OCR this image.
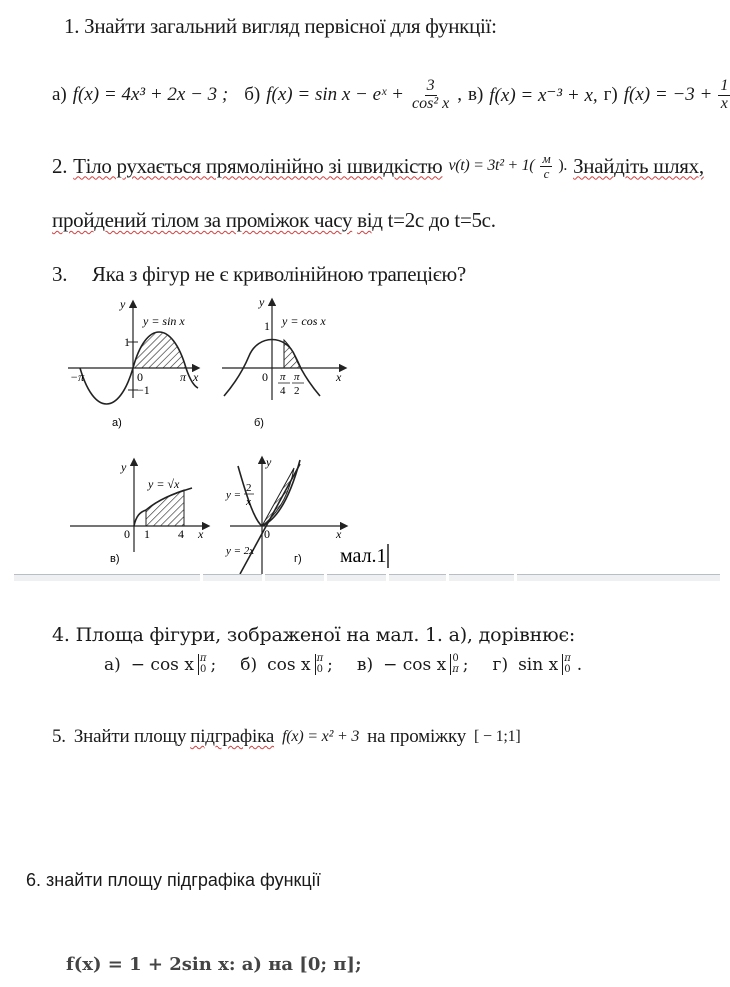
1. Знайти загальний вигляд первісної для функції:
а) f(x) = 4x³ + 2x − 3 ; б) f(x) = sin x − eˣ + $\frac{3}{\text{cos² x}}$ , в) f(x) = x⁻³ + x, г) $f(x) = -3 + \frac{1}{x}$
2. Тіло рухається прямолінійно зі швидкістю $v(t) = 3t^2 + 1( \frac{м}{с}$ ). Знайдіть шлях,
пройдений тілом за проміжок часу від t=2c до t=5c.
3.     Яка з фігур не є криволінійною трапецією?
y
y = sin x
1
−π	0	π x
−1
а)
y
y = cos x
1
0 π
4
π
2
x
б)
y
y = √x
0 1 4 x
в)
y
y =
2
x
0	x
y = 2x
г) мал.1
4. Площа фігури, зображеної на мал. 1. а), дорівнює:
а) − cos x π
0 ; б) cos x π
0 ; в) − cos x 0
π ; г) sin x π
0 .
5. Знайти площу підграфіка f(x) = x² + 3 на проміжку [ − 1;1]
6. знайти площу підграфіка функції
f(x) = 1 + 2sin x: а) на [0; π];
